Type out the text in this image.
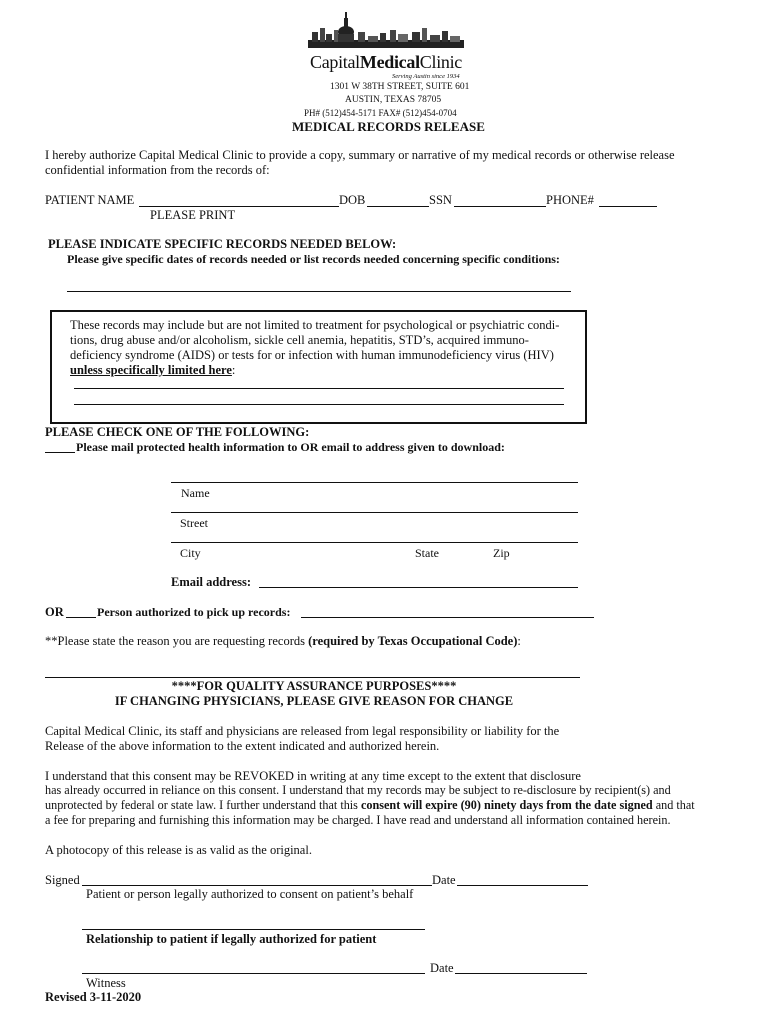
CapitalMedicalClinic
Serving Austin since 1934
1301 W 38TH STREET, SUITE 601
AUSTIN, TEXAS 78705
PH# (512)454-5171 FAX# (512)454-0704
MEDICAL RECORDS RELEASE
I hereby authorize Capital Medical Clinic to provide a copy, summary or narrative of my medical records or otherwise release
confidential information from the records of:
PATIENT NAME	DOB	SSN	PHONE#
PLEASE PRINT
PLEASE INDICATE SPECIFIC RECORDS NEEDED BELOW:
Please give specific dates of records needed or list records needed concerning specific conditions:
These records may include but are not limited to treatment for psychological or psychiatric condi-
tions, drug abuse and/or alcoholism, sickle cell anemia, hepatitis, STD’s, acquired immuno-
deficiency syndrome (AIDS) or tests for or infection with human immunodeficiency virus (HIV)
unless specifically limited here:
PLEASE CHECK ONE OF THE FOLLOWING:
Please mail protected health information to OR email to address given to download:
Name
Street
City	State	Zip
Email address:
OR	Person authorized to pick up records:
**Please state the reason you are requesting records (required by Texas Occupational Code):
****FOR QUALITY ASSURANCE PURPOSES****
IF CHANGING PHYSICIANS, PLEASE GIVE REASON FOR CHANGE
Capital Medical Clinic, its staff and physicians are released from legal responsibility or liability for the
Release of the above information to the extent indicated and authorized herein.
I understand that this consent may be REVOKED in writing at any time except to the extent that disclosure
has already occurred in reliance on this consent. I understand that my records may be subject to re-disclosure by recipient(s) and
unprotected by federal or state law. I further understand that this consent will expire (90) ninety days from the date signed and that
a fee for preparing and furnishing this information may be charged. I have read and understand all information contained herein.
A photocopy of this release is as valid as the original.
Signed	Date
Patient or person legally authorized to consent on patient’s behalf
Relationship to patient if legally authorized for patient
Date
Witness
Revised 3-11-2020
